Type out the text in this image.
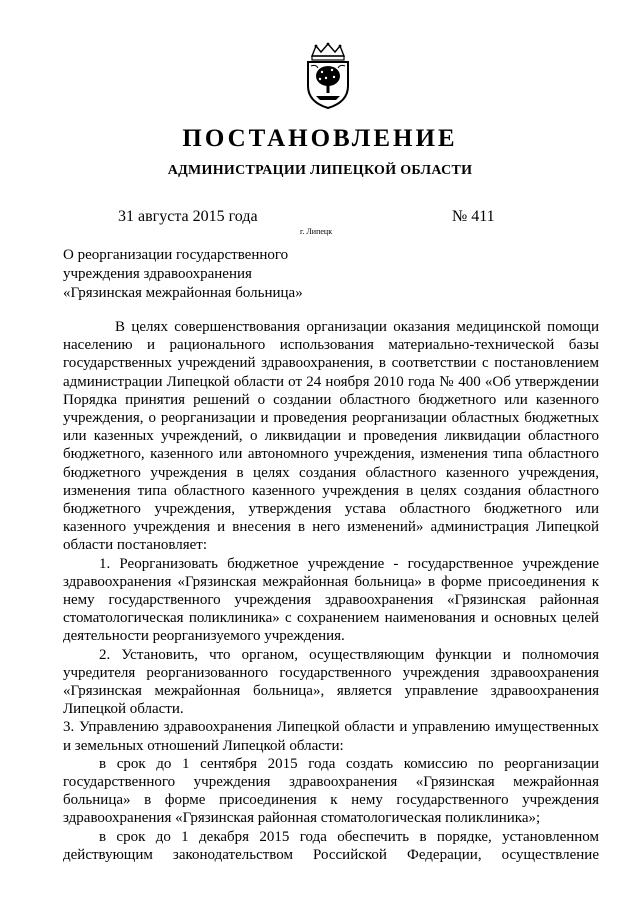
ПОСТАНОВЛЕНИЕ
АДМИНИСТРАЦИИ ЛИПЕЦКОЙ ОБЛАСТИ
31 августа 2015 года
г. Липецк
№ 411
О реорганизации государственного
учреждения здравоохранения
«Грязинская межрайонная больница»

В целях совершенствования организации оказания медицинской помощи
населению и рационального использования материально-технической базы
государственных учреждений здравоохранения, в соответствии с постановлением
администрации Липецкой области от 24 ноября 2010 года № 400 «Об утверждении
Порядка принятия решений о создании областного бюджетного или казенного
учреждения, о реорганизации и проведения реорганизации областных бюджетных
или казенных учреждений, о ликвидации и проведения ликвидации областного
бюджетного, казенного или автономного учреждения, изменения типа областного
бюджетного учреждения в целях создания областного казенного учреждения,
изменения типа областного казенного учреждения в целях создания областного
бюджетного учреждения, утверждения устава областного бюджетного или
казенного учреждения и внесения в него изменений» администрация Липецкой
области постановляет:

1. Реорганизовать бюджетное учреждение - государственное учреждение
здравоохранения «Грязинская межрайонная больница» в форме присоединения к
нему государственного учреждения здравоохранения «Грязинская районная
стоматологическая поликлиника» с сохранением наименования и основных целей
деятельности реорганизуемого учреждения.

2. Установить, что органом, осуществляющим функции и полномочия
учредителя реорганизованного государственного учреждения здравоохранения
«Грязинская межрайонная больница», является управление здравоохранения
Липецкой области.

3. Управлению здравоохранения Липецкой области и управлению имущественных
и земельных отношений Липецкой области:

в срок до 1 сентября 2015 года создать комиссию по реорганизации
государственного учреждения здравоохранения «Грязинская межрайонная
больница» в форме присоединения к нему государственного учреждения
здравоохранения «Грязинская районная стоматологическая поликлиника»;

в срок до 1 декабря 2015 года обеспечить в порядке, установленном
действующим законодательством Российской Федерации, осуществление
